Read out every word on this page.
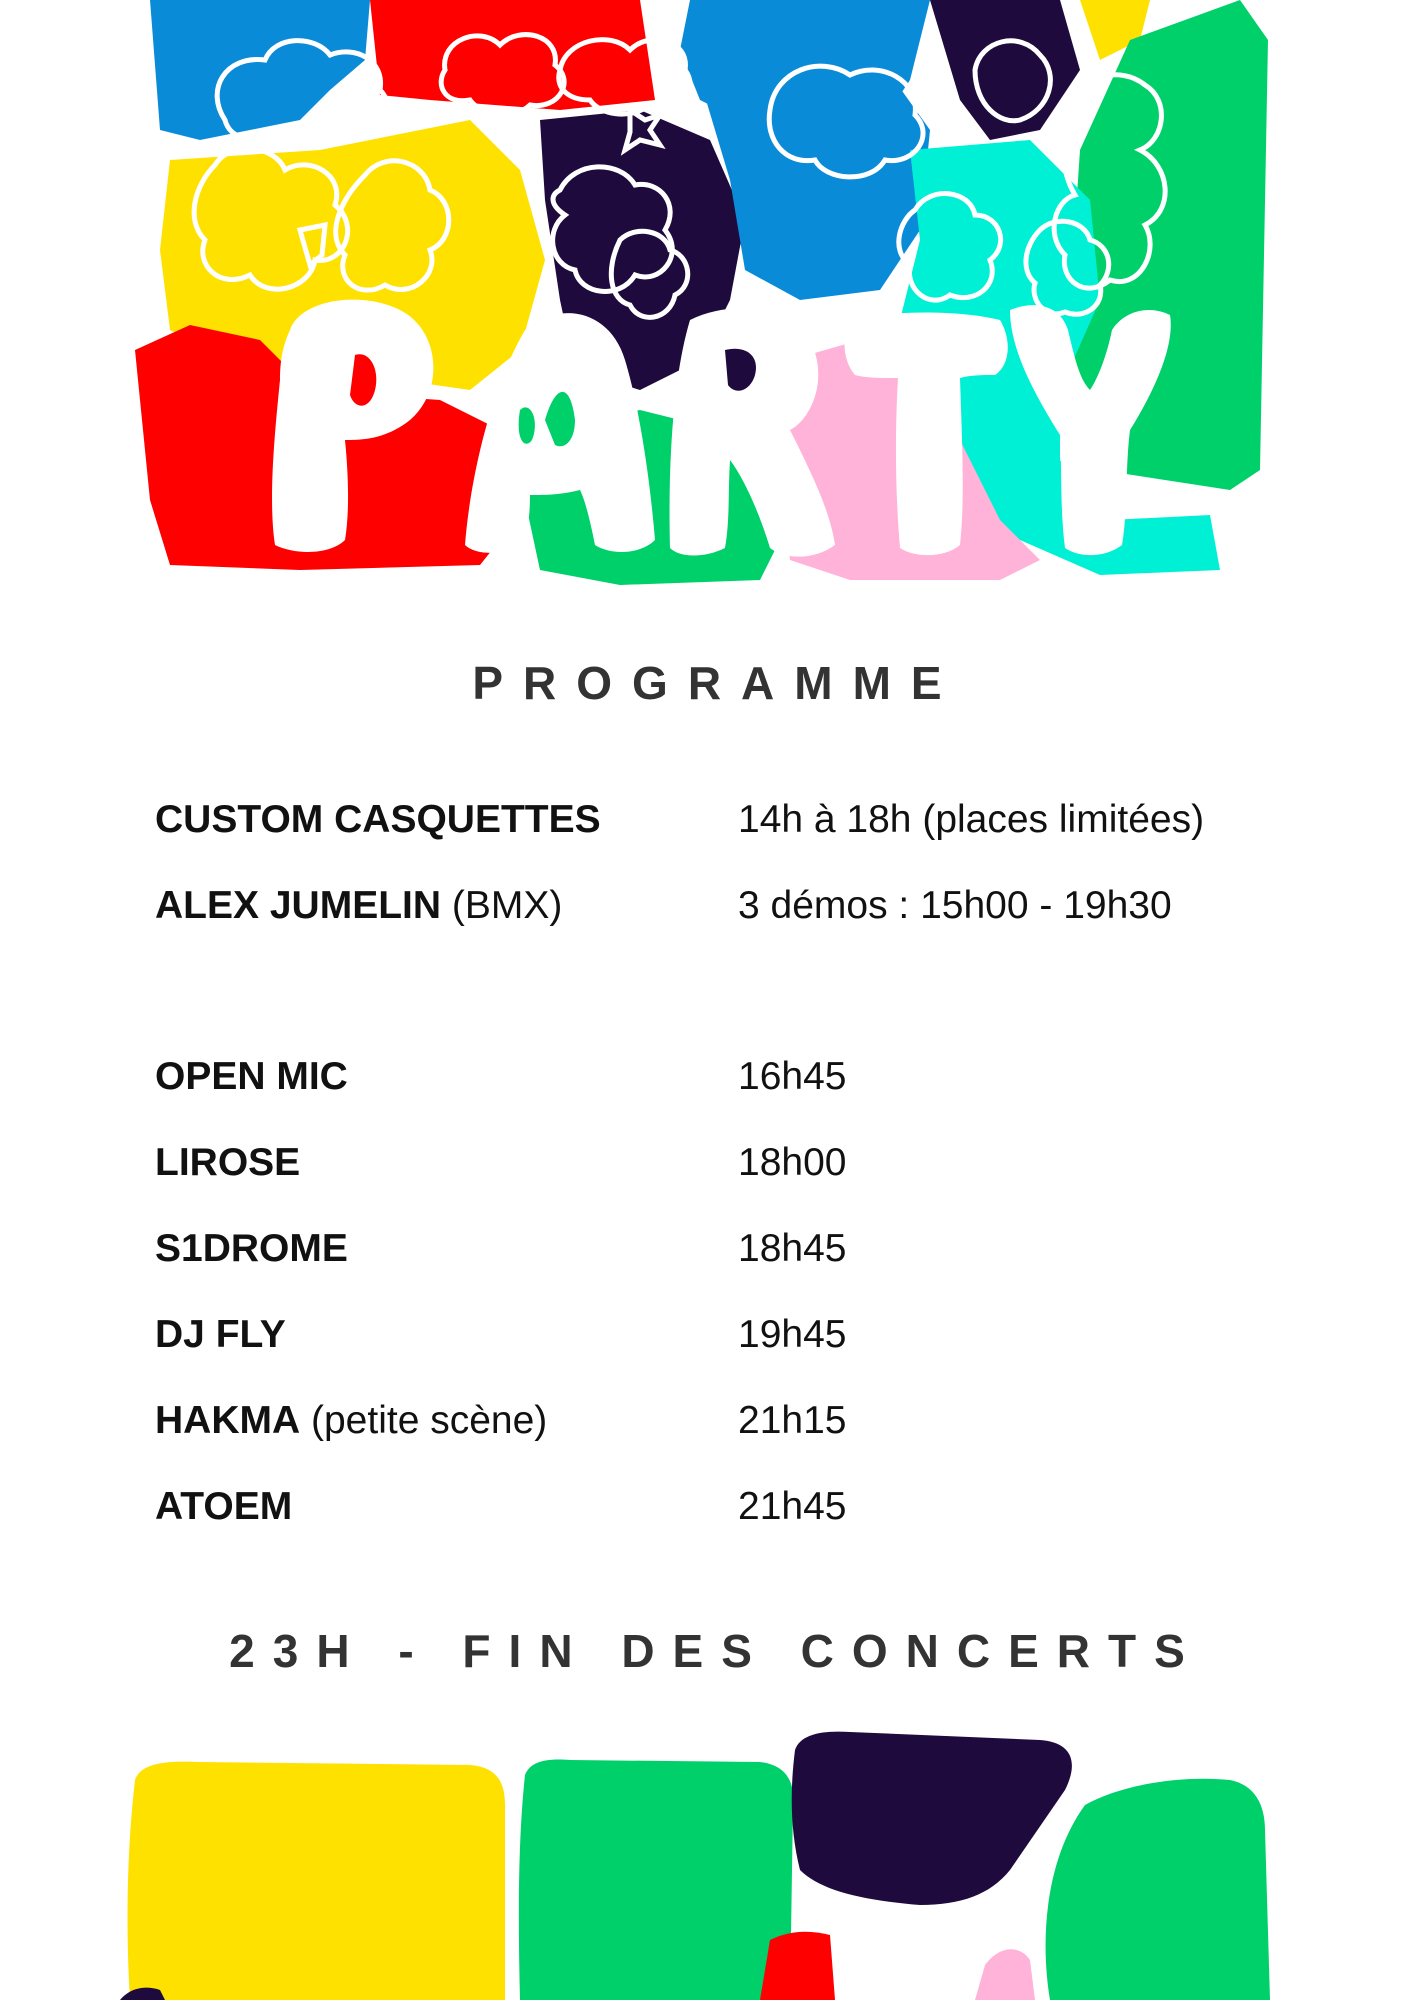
PROGRAMME
CUSTOM CASQUETTES	14h à 18h (places limitées)
ALEX JUMELIN (BMX)	3 démos : 15h00 - 19h30
OPEN MIC	16h45
LIROSE	18h00
S1DROME	18h45
DJ FLY	19h45
HAKMA (petite scène)	21h15
ATOEM	21h45
23H - FIN DES CONCERTS
